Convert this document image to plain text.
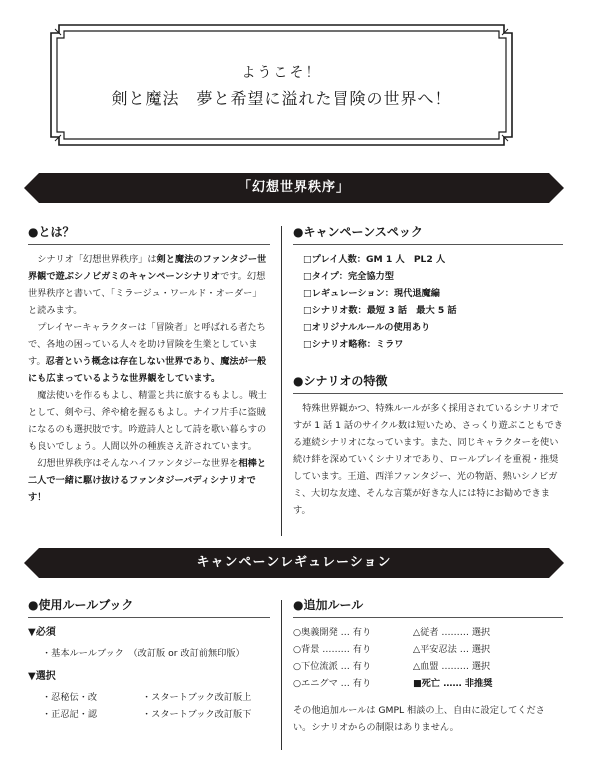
ようこそ！
剣と魔法　夢と希望に溢れた冒険の世界へ！
「幻想世界秩序」
●とは？

シナリオ「幻想世界秩序」は剣と魔法のファンタジー世界観で遊ぶシノビガミのキャンペーンシナリオです。幻想世界秩序と書いて、「ミラージュ・ワールド・オーダー」と読みます。

プレイヤーキャラクターは「冒険者」と呼ばれる者たちで、各地の困っている人々を助け冒険を生業としています。忍者という概念は存在しない世界であり、魔法が一般にも広まっているような世界観をしています。

魔法使いを作るもよし、精霊と共に旅するもよし。戦士として、剣や弓、斧や槍を握るもよし。ナイフ片手に盗賊になるのも選択肢です。吟遊詩人として詩を歌い暮らすのも良いでしょう。人間以外の種族さえ許されています。

幻想世界秩序はそんなハイファンタジーな世界を相棒と二人で一緒に駆け抜けるファンタジーバディシナリオです！

●キャンペーンスペック
□プレイ人数：GM 1 人　PL2 人
□タイプ：完全協力型
□レギュレーション：現代退魔編
□シナリオ数：最短 3 話　最大 5 話
□オリジナルルールの使用あり
□シナリオ略称：ミラワ
●シナリオの特徴

特殊世界観かつ、特殊ルールが多く採用されているシナリオですが 1 話 1 話のサイクル数は短いため、さっくり遊ぶこともできる連続シナリオになっています。また、同じキャラクターを使い続け絆を深めていくシナリオであり、ロールプレイを重視・推奨しています。王道、西洋ファンタジー、光の物語、熱いシノビガミ、大切な友達、そんな言葉が好きな人には特にお勧めできます。

キャンペーンレギュレーション
●使用ルールブック
▼必須
・基本ルールブック　（改訂版 or 改訂前無印版）
▼選択
・忍秘伝・改	・スタートブック改訂版上
・正忍記・認	・スタートブック改訂版下
●追加ルール
○奥義開発 … 有り	△従者 ……… 選択
○背景 ……… 有り	△平安忍法 … 選択
○下位流派 … 有り	△血盟 ……… 選択
○エニグマ … 有り	■死亡 …… 非推奨

その他追加ルールは GMPL 相談の上、自由に設定してください。シナリオからの制限はありません。
